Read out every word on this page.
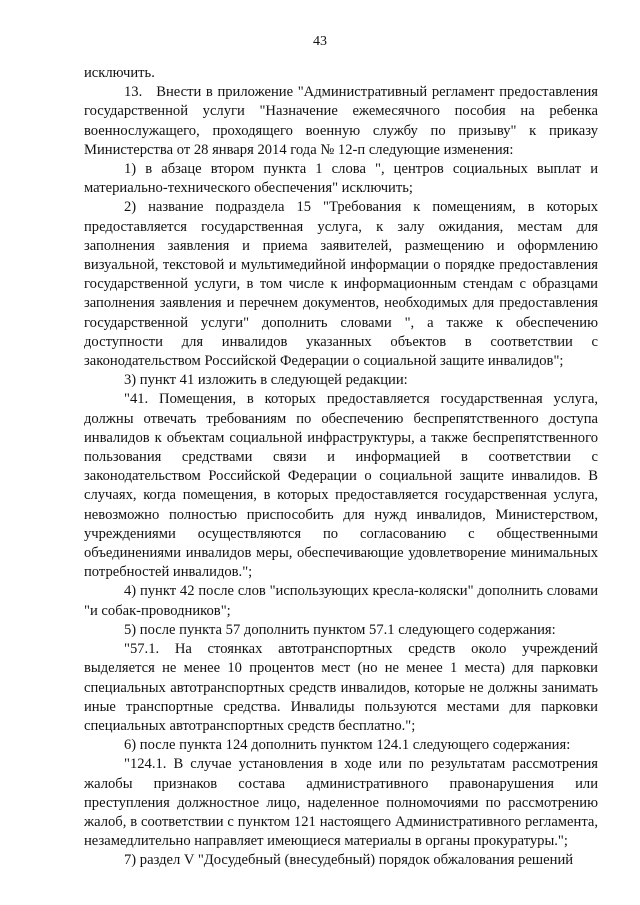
43

исключить.

13.   Внести в приложение "Административный регламент предоставления государственной услуги "Назначение ежемесячного пособия на ребенка военнослужащего, проходящего военную службу по призыву" к приказу Министерства от 28 января 2014 года № 12-п следующие изменения:

1) в абзаце втором пункта 1 слова ", центров социальных выплат и материально-технического обеспечения" исключить;

2) название подраздела 15 "Требования к помещениям, в которых предоставляется государственная услуга, к залу ожидания, местам для заполнения заявления и приема заявителей, размещению и оформлению визуальной, текстовой и мультимедийной информации о порядке предоставления государственной услуги, в том числе к информационным стендам с образцами заполнения заявления и перечнем документов, необходимых для предоставления государственной услуги" дополнить словами ", а также к обеспечению доступности для инвалидов указанных объектов в соответствии с законодательством Российской Федерации о социальной защите инвалидов";

3) пункт 41 изложить в следующей редакции:

"41. Помещения, в которых предоставляется государственная услуга, должны отвечать требованиям по обеспечению беспрепятственного доступа инвалидов к объектам социальной инфраструктуры, а также беспрепятственного пользования средствами связи и информацией в соответствии с законодательством Российской Федерации о социальной защите инвалидов. В случаях, когда помещения, в которых предоставляется государственная услуга, невозможно полностью приспособить для нужд инвалидов, Министерством, учреждениями осуществляются по согласованию с общественными объединениями инвалидов меры, обеспечивающие удовлетворение минимальных потребностей инвалидов.";

4) пункт 42 после слов "использующих кресла-коляски" дополнить словами "и собак-проводников";

5) после пункта 57 дополнить пунктом 57.1 следующего содержания:

"57.1. На стоянках автотранспортных средств около учреждений выделяется не менее 10 процентов мест (но не менее 1 места) для парковки специальных автотранспортных средств инвалидов, которые не должны занимать иные транспортные средства. Инвалиды пользуются местами для парковки специальных автотранспортных средств бесплатно.";

6) после пункта 124 дополнить пунктом 124.1 следующего содержания:

"124.1. В случае установления в ходе или по результатам рассмотрения жалобы признаков состава административного правонарушения или преступления должностное лицо, наделенное полномочиями по рассмотрению жалоб, в соответствии с пунктом 121 настоящего Административного регламента, незамедлительно направляет имеющиеся материалы в органы прокуратуры.";

7) раздел V "Досудебный (внесудебный) порядок обжалования решений
